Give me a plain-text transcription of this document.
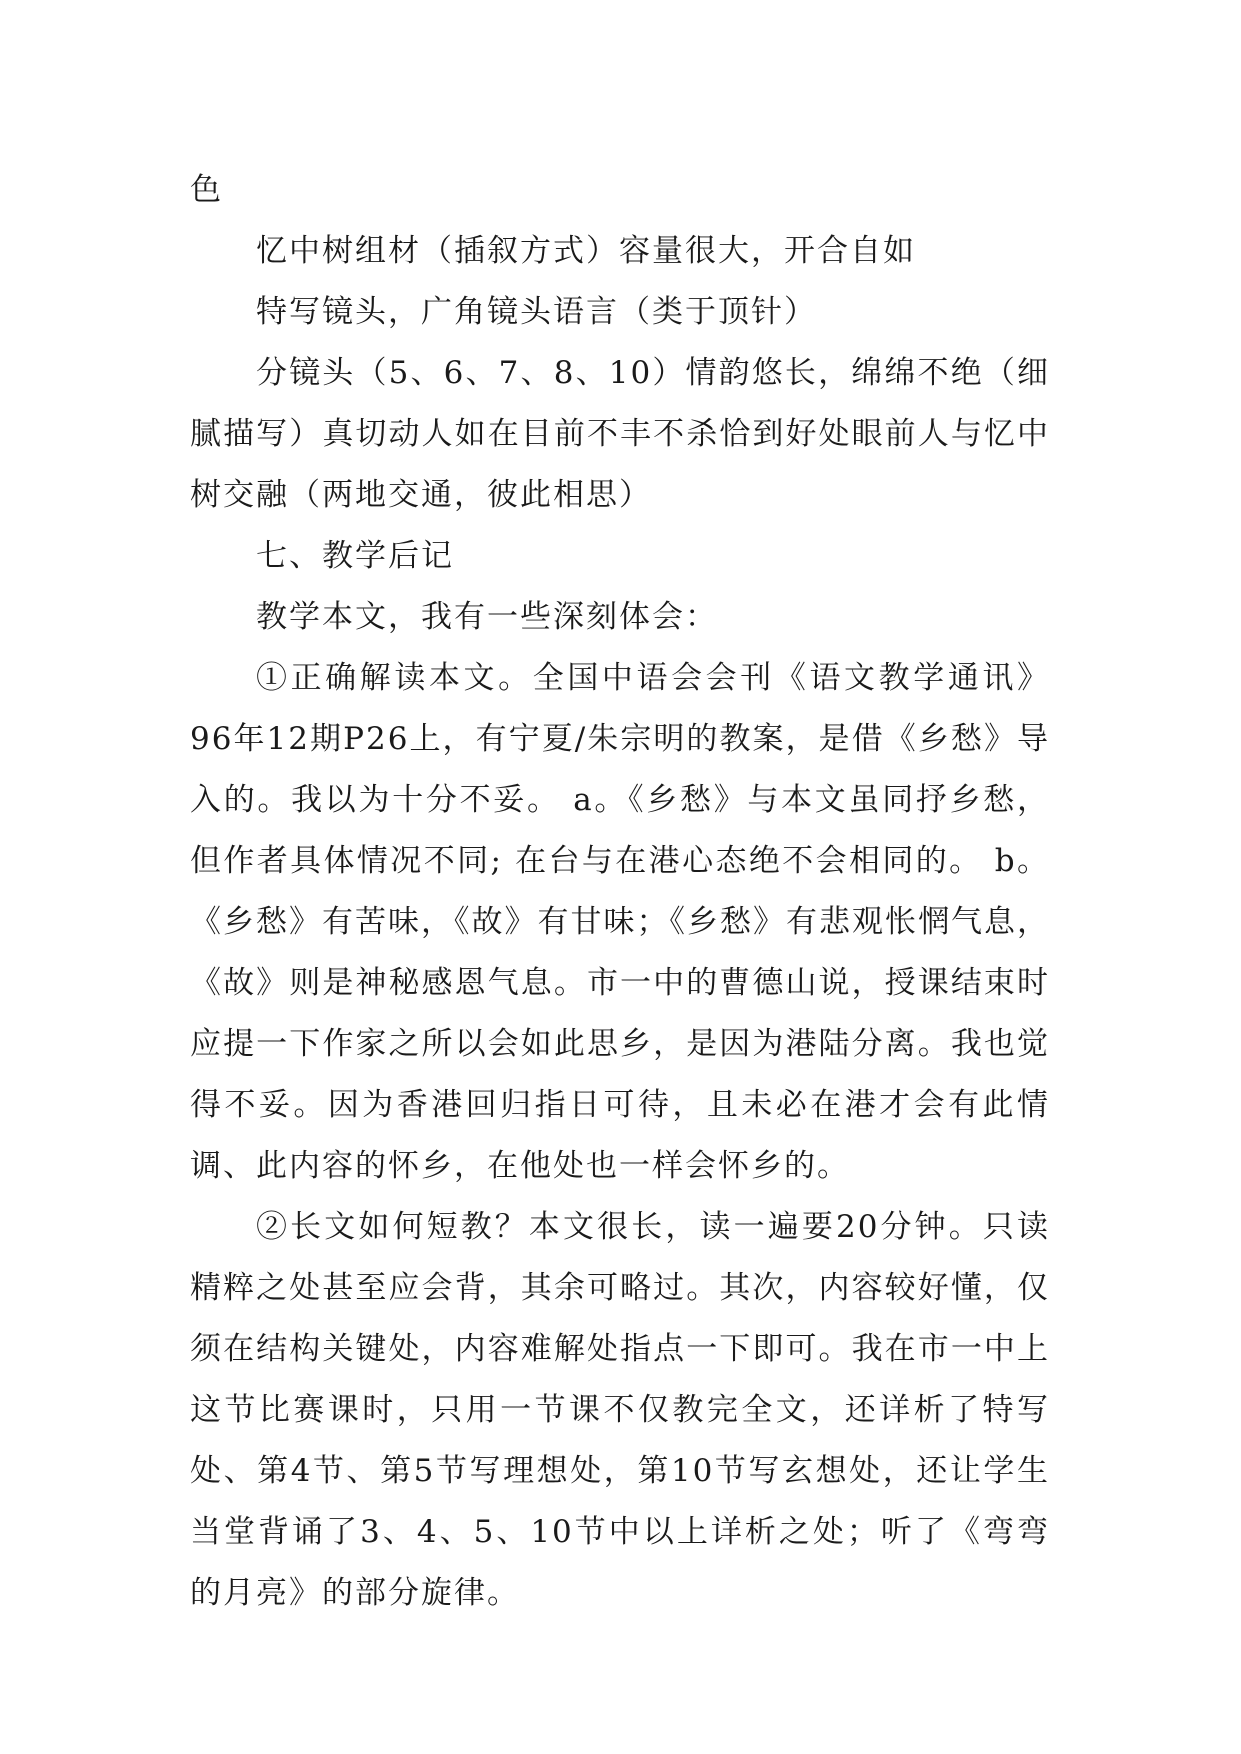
色

忆中树组材（插叙方式）容量很大，开合自如

特写镜头，广角镜头语言（类于顶针）

分镜头（5、6、7、8、10）情韵悠长，绵绵不绝（细腻描写）真切动人如在目前不丰不杀恰到好处眼前人与忆中树交融（两地交通，彼此相思）

七、教学后记

教学本文，我有一些深刻体会：

①正确解读本文。全国中语会会刊《语文教学通讯》 96年12期P26上，有宁夏/朱宗明的教案，是借《乡愁》导入的。我以为十分不妥。 a。《乡愁》与本文虽同抒乡愁，但作者具体情况不同; 在台与在港心态绝不会相同的。 b。《乡愁》有苦味，《故》有甘味；《乡愁》有悲观怅惘气息，《故》则是神秘感恩气息。市一中的曹德山说，授课结束时应提一下作家之所以会如此思乡，是因为港陆分离。我也觉得不妥。因为香港回归指日可待，且未必在港才会有此情调、此内容的怀乡，在他处也一样会怀乡的。

②长文如何短教？本文很长，读一遍要20分钟。只读精粹之处甚至应会背，其余可略过。其次，内容较好懂，仅须在结构关键处，内容难解处指点一下即可。我在市一中上这节比赛课时，只用一节课不仅教完全文，还详析了特写处、第4节、第5节写理想处，第10节写玄想处，还让学生当堂背诵了3、4、5、10节中以上详析之处；听了《弯弯的月亮》的部分旋律。
